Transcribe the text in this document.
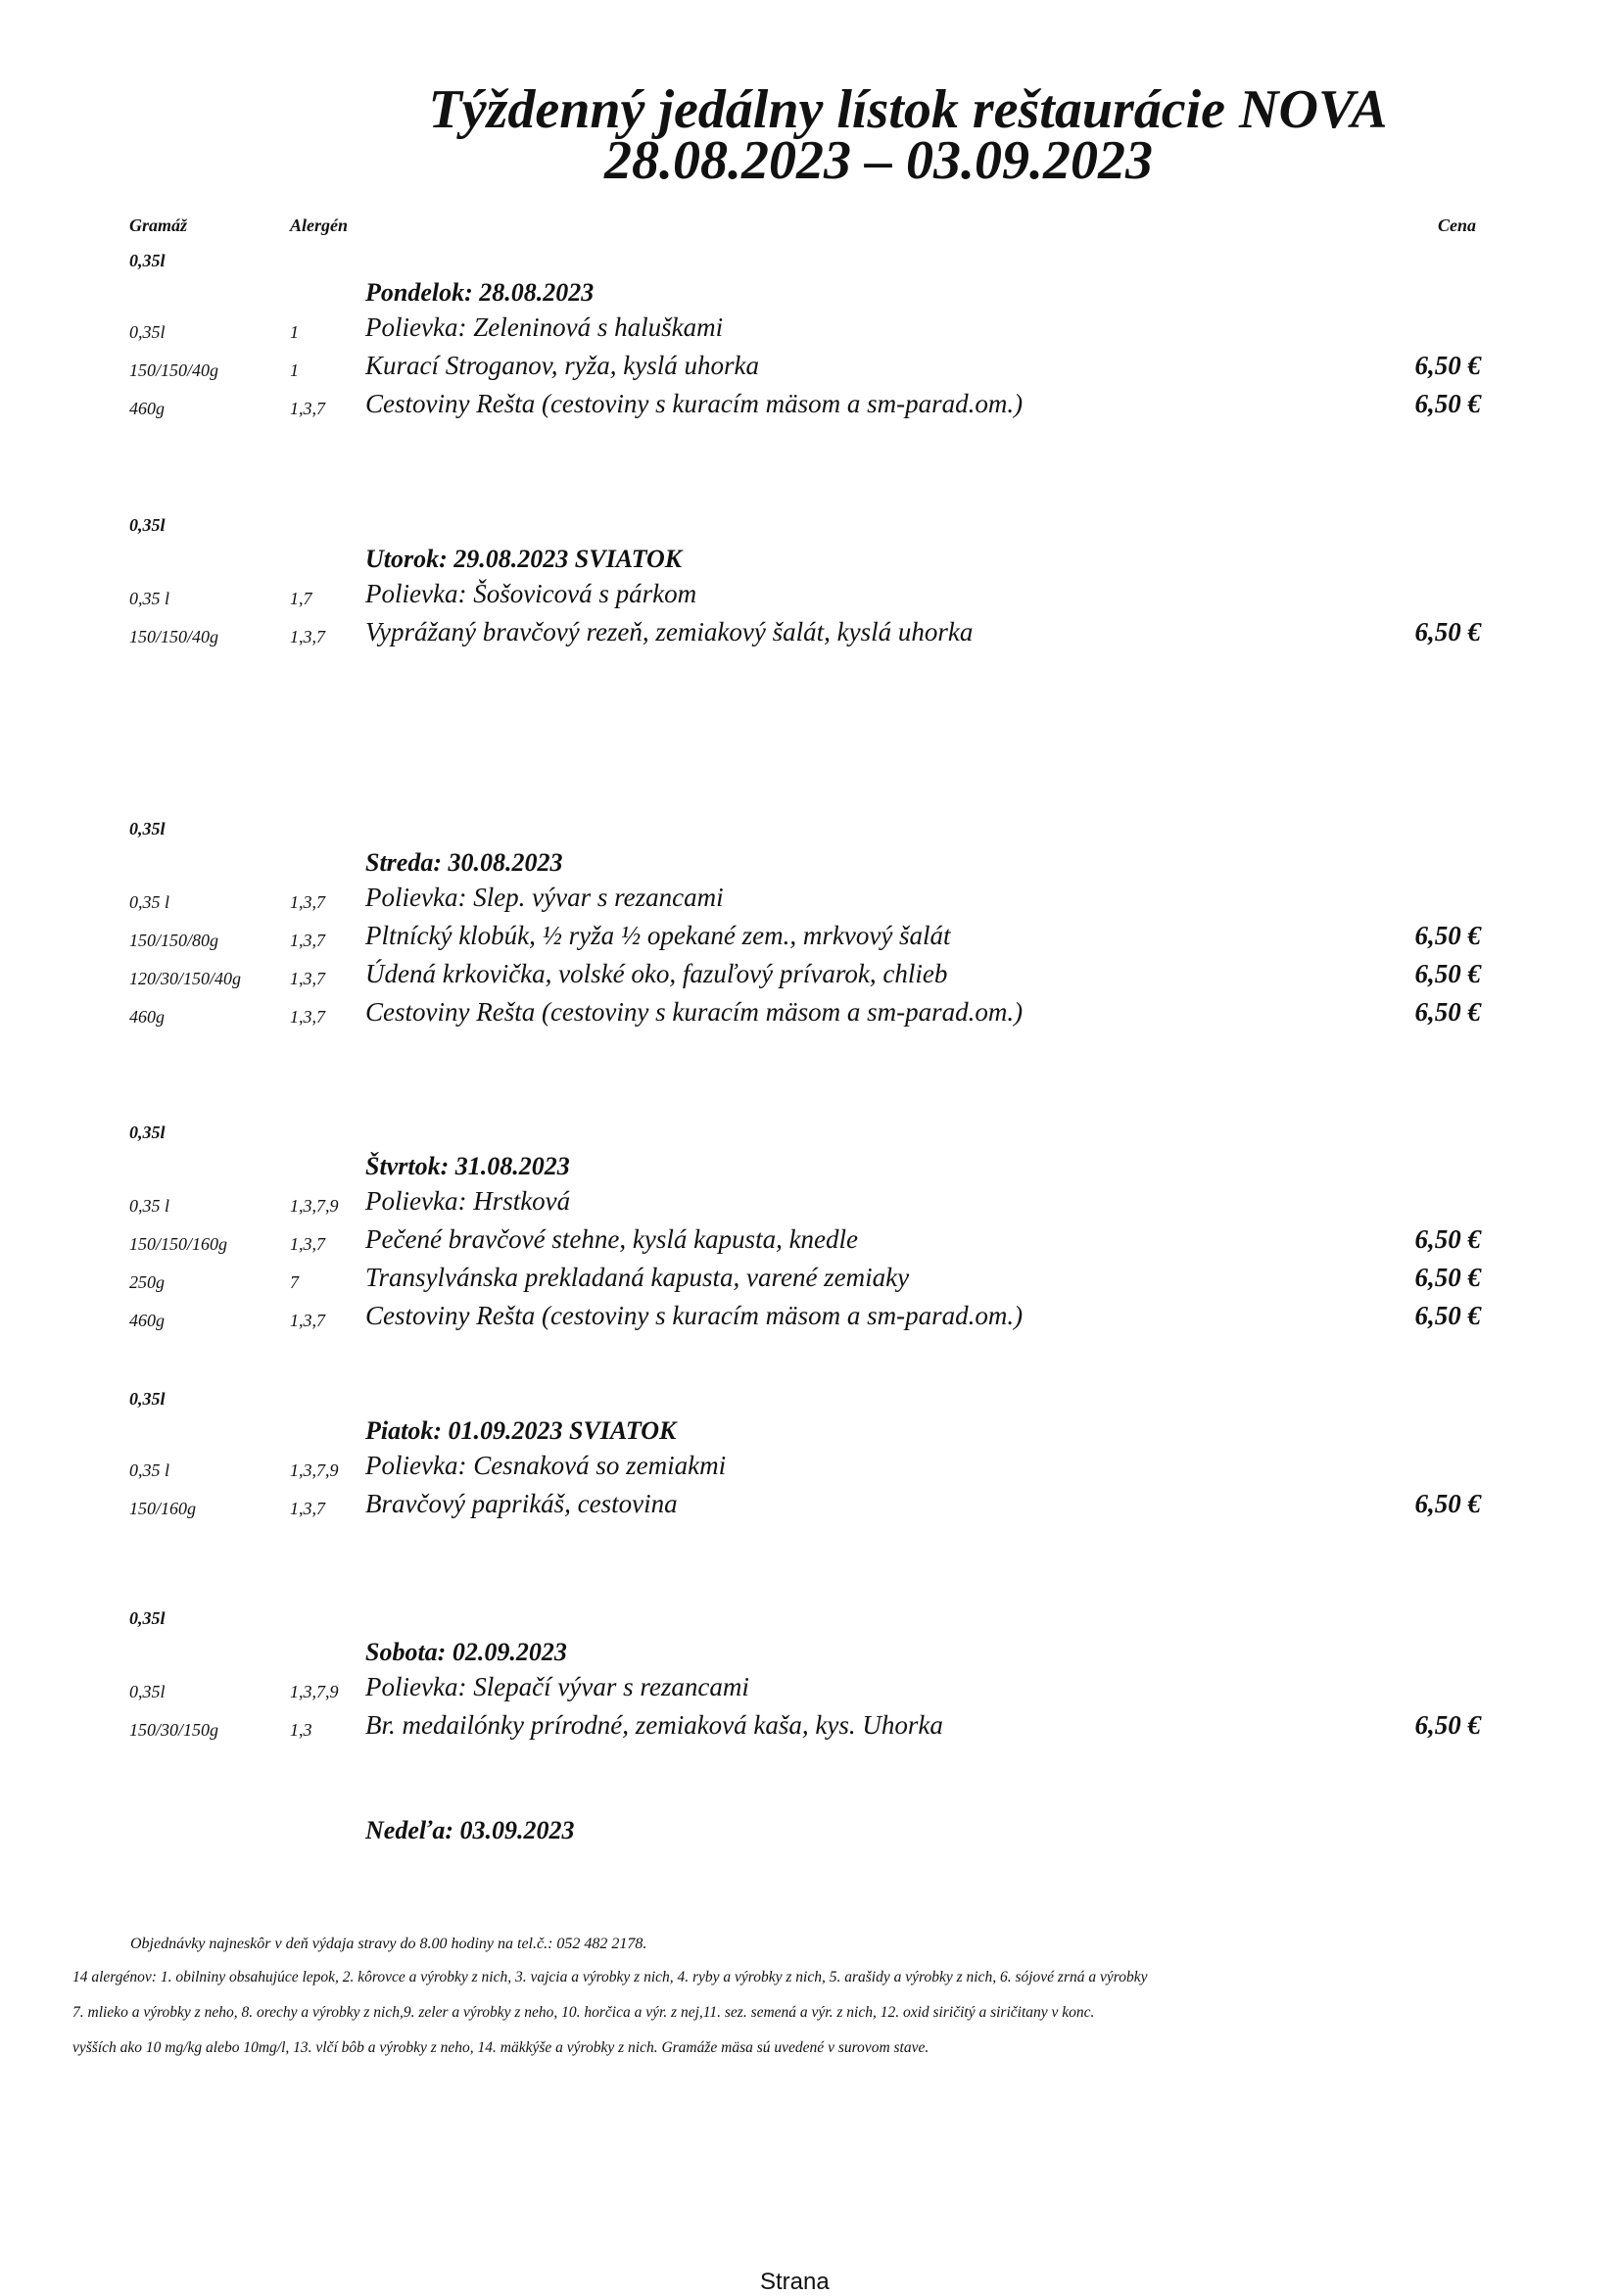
Týždenný jedálny lístok reštaurácie NOVA
28.08.2023 – 03.09.2023
Gramáž	Alergén	Cena
0,35l
Pondelok: 28.08.2023
0,35l	1	Polievka: Zeleninová s haluškami
150/150/40g	1	Kurací Stroganov, ryža, kyslá uhorka	6,50 €
460g	1,3,7 Cestoviny Rešta (cestoviny s kuracím mäsom a sm-parad.om.)	6,50 €
0,35l
Utorok: 29.08.2023 SVIATOK
0,35 l	1,7 Polievka: Šošovicová s párkom
150/150/40g	1,3,7 Vyprážaný bravčový rezeň, zemiakový šalát, kyslá uhorka	6,50 €
0,35l
Streda: 30.08.2023
0,35 l	1,3,7 Polievka: Slep. vývar s rezancami
150/150/80g	1,3,7 Pltnícký klobúk, ½ ryža ½ opekané zem., mrkvový šalát	6,50 €
120/30/150/40g	1,3,7 Údená krkovička, volské oko, fazuľový prívarok, chlieb	6,50 €
460g	1,3,7 Cestoviny Rešta (cestoviny s kuracím mäsom a sm-parad.om.)	6,50 €
0,35l
Štvrtok: 31.08.2023
0,35 l	1,3,7,9 Polievka: Hrstková
150/150/160g	1,3,7 Pečené bravčové stehne, kyslá kapusta, knedle	6,50 €
250g	7	Transylvánska prekladaná kapusta, varené zemiaky	6,50 €
460g	1,3,7 Cestoviny Rešta (cestoviny s kuracím mäsom a sm-parad.om.)	6,50 €
0,35l
Piatok: 01.09.2023 SVIATOK
0,35 l	1,3,7,9 Polievka: Cesnaková so zemiakmi
150/160g	1,3,7 Bravčový paprikáš, cestovina	6,50 €
0,35l
Sobota: 02.09.2023
0,35l	1,3,7,9 Polievka: Slepačí vývar s rezancami
150/30/150g	1,3 Br. medailónky prírodné, zemiaková kaša, kys. Uhorka	6,50 €
Nedeľa: 03.09.2023
Objednávky najneskôr v deň výdaja stravy do 8.00 hodiny na tel.č.: 052 482 2178.
14 alergénov: 1. obilniny obsahujúce lepok, 2. kôrovce a výrobky z nich, 3. vajcia a výrobky z nich, 4. ryby a výrobky z nich, 5. arašidy a výrobky z nich, 6. sójové zrná a výrobky
7. mlieko a výrobky z neho, 8. orechy a výrobky z nich,9. zeler a výrobky z neho, 10. horčica a výr. z nej,11. sez. semená a výr. z nich, 12. oxid siričitý a siričitany v konc.
vyšších ako 10 mg/kg alebo 10mg/l, 13. vlčí bôb a výrobky z neho, 14. mäkkýše a výrobky z nich. Gramáže mäsa sú uvedené v surovom stave.
Strana
